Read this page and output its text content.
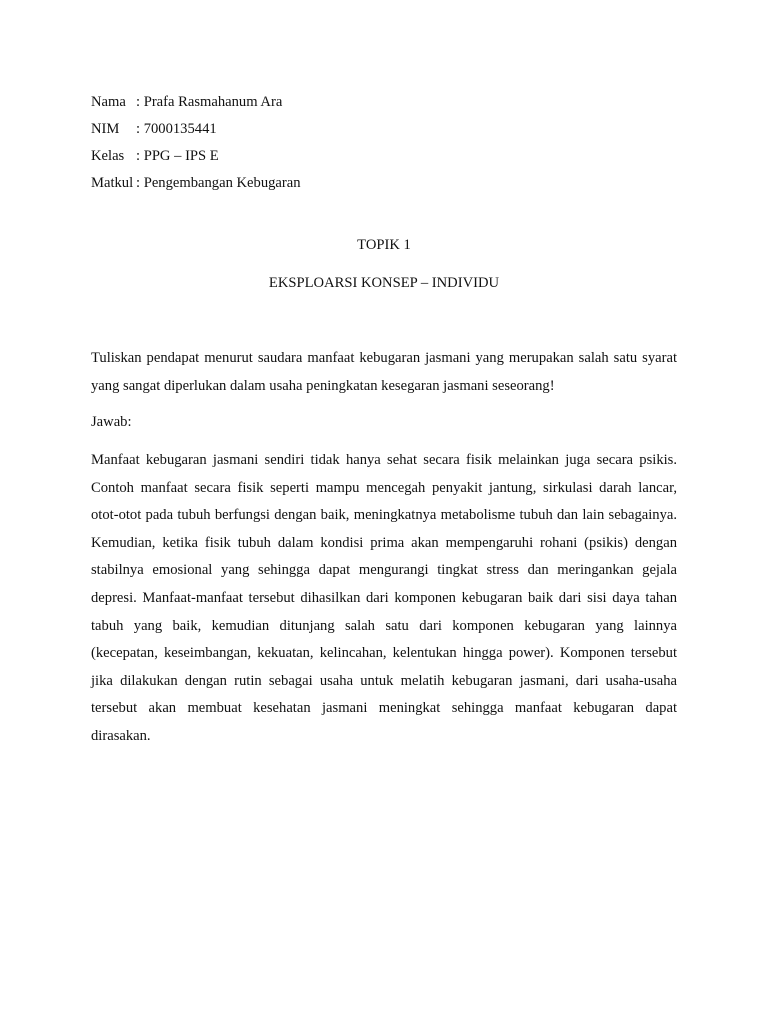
Nama : Prafa Rasmahanum Ara
NIM	: 7000135441
Kelas : PPG – IPS E
Matkul : Pengembangan Kebugaran
TOPIK 1
EKSPLOARSI KONSEP – INDIVIDU
Tuliskan pendapat menurut saudara manfaat kebugaran jasmani yang merupakan salah satu syarat
yang sangat diperlukan dalam usaha peningkatan kesegaran jasmani seseorang!
Jawab:
Manfaat kebugaran jasmani sendiri tidak hanya sehat secara fisik melainkan juga secara psikis.
Contoh manfaat secara fisik seperti mampu mencegah penyakit jantung, sirkulasi darah lancar,
otot-otot pada tubuh berfungsi dengan baik, meningkatnya metabolisme tubuh dan lain sebagainya.
Kemudian, ketika fisik tubuh dalam kondisi prima akan mempengaruhi rohani (psikis) dengan
stabilnya emosional yang sehingga dapat mengurangi tingkat stress dan meringankan gejala
depresi. Manfaat-manfaat tersebut dihasilkan dari komponen kebugaran baik dari sisi daya tahan
tabuh yang baik, kemudian ditunjang salah satu dari komponen kebugaran yang lainnya
(kecepatan, keseimbangan, kekuatan, kelincahan, kelentukan hingga power). Komponen tersebut
jika dilakukan dengan rutin sebagai usaha untuk melatih kebugaran jasmani, dari usaha-usaha
tersebut akan membuat kesehatan jasmani meningkat sehingga manfaat kebugaran dapat
dirasakan.
